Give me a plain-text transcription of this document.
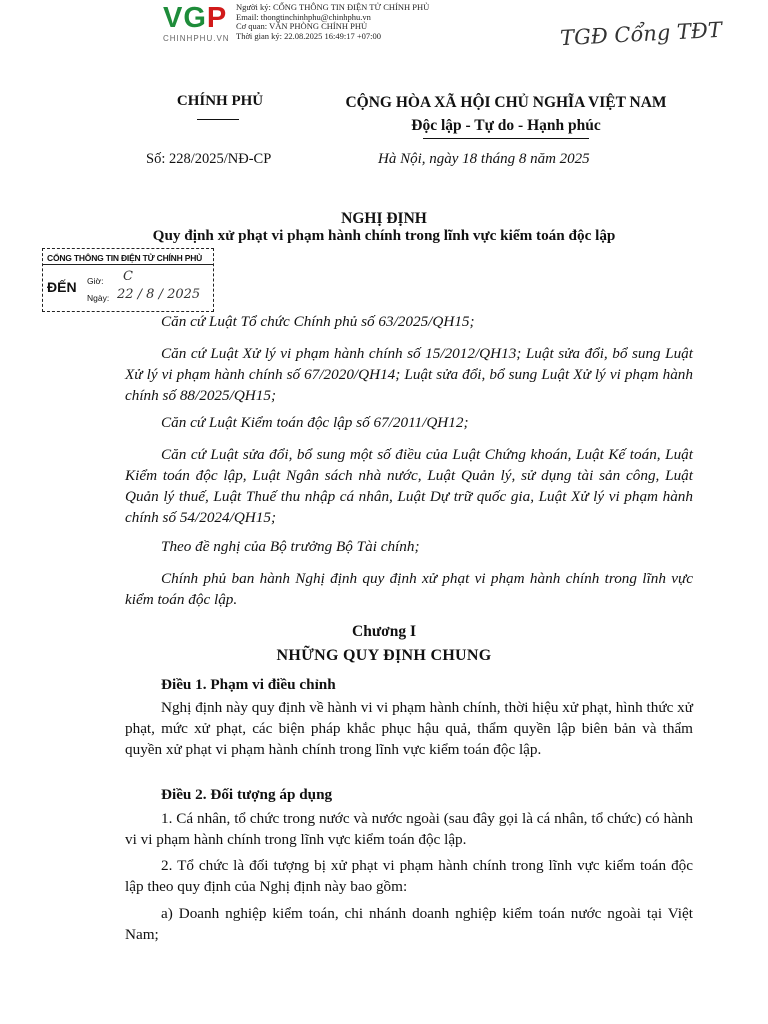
VGP
CHINHPHU.VN
Người ký: CỔNG THÔNG TIN ĐIỆN TỬ CHÍNH PHỦ
Email: thongtinchinhphu@chinhphu.vn
Cơ quan: VĂN PHÒNG CHÍNH PHỦ
Thời gian ký: 22.08.2025 16:49:17 +07:00	TGĐ Cổng TĐT
CHÍNH PHỦ	CỘNG HÒA XÃ HỘI CHỦ NGHĨA VIỆT NAM
Độc lập - Tự do - Hạnh phúc
Số: 228/2025/NĐ-CP	Hà Nội, ngày 18 tháng 8 năm 2025
NGHỊ ĐỊNH
Quy định xử phạt vi phạm hành chính trong lĩnh vực kiểm toán độc lập
CỔNG THÔNG TIN ĐIỆN TỬ CHÍNH PHỦ
ĐẾN Giờ: C
Ngày: 22 / 8 / 2025
Căn cứ Luật Tổ chức Chính phủ số 63/2025/QH15;
Căn cứ Luật Xử lý vi phạm hành chính số 15/2012/QH13; Luật sửa đổi, bổ sung Luật Xử lý vi phạm hành chính số 67/2020/QH14; Luật sửa đổi, bổ sung Luật Xử lý vi phạm hành chính số 88/2025/QH15;
Căn cứ Luật Kiểm toán độc lập số 67/2011/QH12;
Căn cứ Luật sửa đổi, bổ sung một số điều của Luật Chứng khoán, Luật Kế toán, Luật Kiểm toán độc lập, Luật Ngân sách nhà nước, Luật Quản lý, sử dụng tài sản công, Luật Quản lý thuế, Luật Thuế thu nhập cá nhân, Luật Dự trữ quốc gia, Luật Xử lý vi phạm hành chính số 54/2024/QH15;
Theo đề nghị của Bộ trưởng Bộ Tài chính;
Chính phủ ban hành Nghị định quy định xử phạt vi phạm hành chính trong lĩnh vực kiểm toán độc lập.
Chương I
NHỮNG QUY ĐỊNH CHUNG
Điều 1. Phạm vi điều chỉnh
Nghị định này quy định về hành vi vi phạm hành chính, thời hiệu xử phạt, hình thức xử phạt, mức xử phạt, các biện pháp khắc phục hậu quả, thẩm quyền lập biên bản và thẩm quyền xử phạt vi phạm hành chính trong lĩnh vực kiểm toán độc lập.
Điều 2. Đối tượng áp dụng
1. Cá nhân, tổ chức trong nước và nước ngoài (sau đây gọi là cá nhân, tổ chức) có hành vi vi phạm hành chính trong lĩnh vực kiểm toán độc lập.
2. Tổ chức là đối tượng bị xử phạt vi phạm hành chính trong lĩnh vực kiểm toán độc lập theo quy định của Nghị định này bao gồm:
a) Doanh nghiệp kiểm toán, chi nhánh doanh nghiệp kiểm toán nước ngoài tại Việt Nam;
